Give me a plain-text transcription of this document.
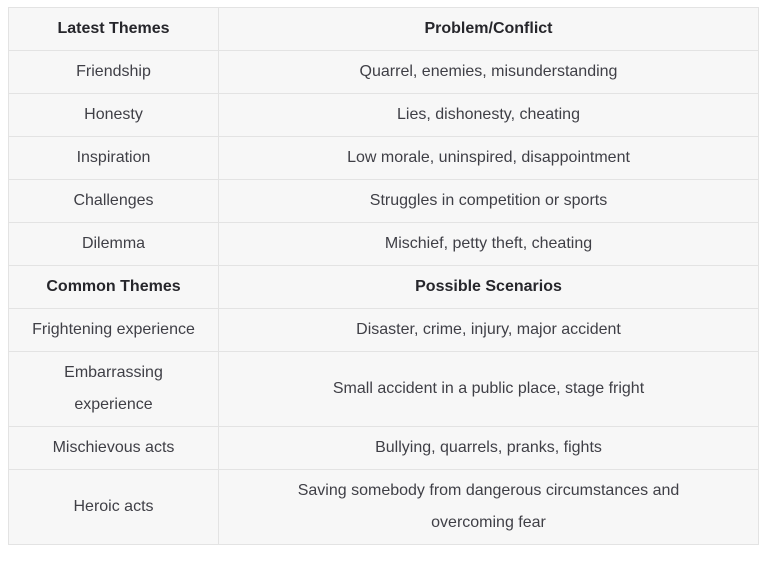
Latest Themes	Problem/Conflict
Friendship	Quarrel, enemies, misunderstanding
Honesty	Lies, dishonesty, cheating
Inspiration	Low morale, uninspired, disappointment
Challenges	Struggles in competition or sports
Dilemma	Mischief, petty theft, cheating
Common Themes	Possible Scenarios
Frightening experience	Disaster, crime, injury, major accident
Embarrassing experience	Small accident in a public place, stage fright
Mischievous acts	Bullying, quarrels, pranks, fights
Heroic acts	Saving somebody from dangerous circumstances and overcoming fear
